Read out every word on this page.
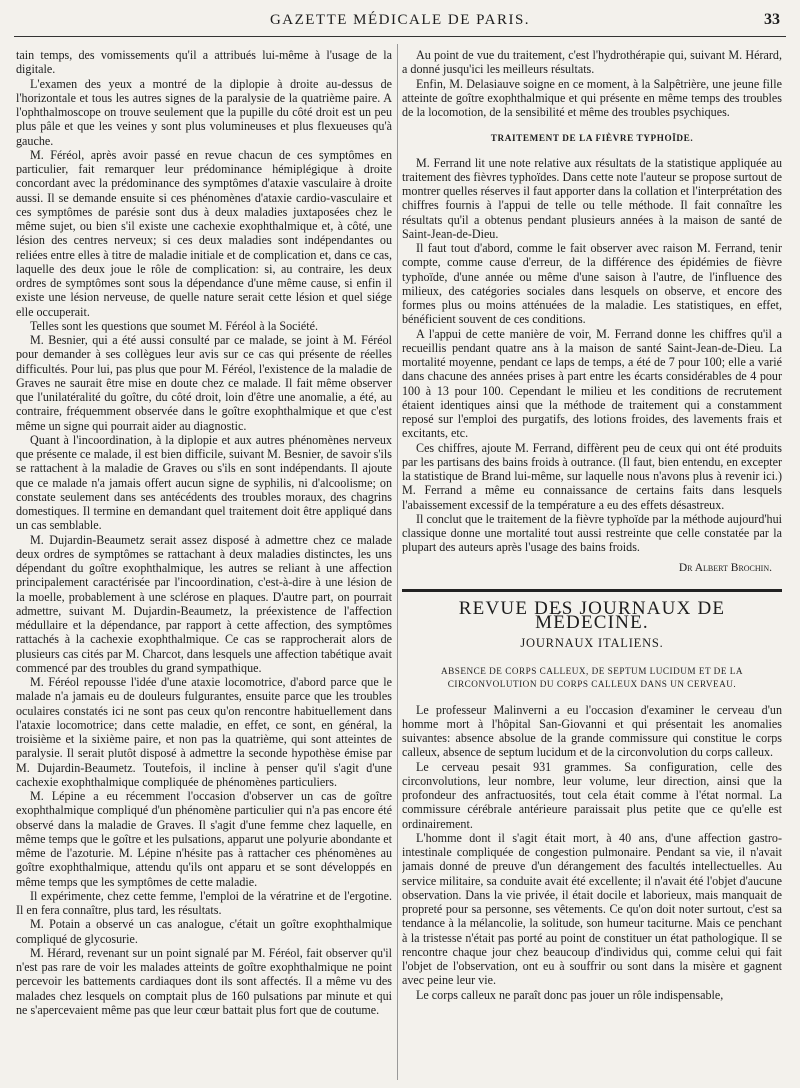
GAZETTE MÉDICALE DE PARIS.	33

tain temps, des vomissements qu'il a attribués lui-même à l'usage de la digitale.

L'examen des yeux a montré de la diplopie à droite au-dessus de l'horizontale et tous les autres signes de la paralysie de la quatrième paire. A l'ophthalmoscope on trouve seulement que la pupille du côté droit est un peu plus pâle et que les veines y sont plus volumineuses et plus flexueuses qu'à gauche.

M. Féréol, après avoir passé en revue chacun de ces symptômes en particulier, fait remarquer leur prédominance hémiplégique à droite concordant avec la prédominance des symptômes d'ataxie vasculaire à droite aussi. Il se demande ensuite si ces phénomènes d'ataxie cardio-vasculaire et ces symptômes de parésie sont dus à deux maladies juxtaposées chez le même sujet, ou bien s'il existe une cachexie exophthalmique et, à côté, une lésion des centres nerveux; si ces deux maladies sont indépendantes ou reliées entre elles à titre de maladie initiale et de complication et, dans ce cas, laquelle des deux joue le rôle de complication: si, au contraire, les deux ordres de symptômes sont sous la dépendance d'une même cause, si enfin il existe une lésion nerveuse, de quelle nature serait cette lésion et quel siége elle occuperait.

Telles sont les questions que soumet M. Féréol à la Société.

M. Besnier, qui a été aussi consulté par ce malade, se joint à M. Féréol pour demander à ses collègues leur avis sur ce cas qui présente de réelles difficultés. Pour lui, pas plus que pour M. Féréol, l'existence de la maladie de Graves ne saurait être mise en doute chez ce malade. Il fait même observer que l'unilatéralité du goître, du côté droit, loin d'être une anomalie, a été, au contraire, fréquemment observée dans le goître exophthalmique et que c'est même un signe qui pourrait aider au diagnostic.

Quant à l'incoordination, à la diplopie et aux autres phénomènes nerveux que présente ce malade, il est bien difficile, suivant M. Besnier, de savoir s'ils se rattachent à la maladie de Graves ou s'ils en sont indépendants. Il ajoute que ce malade n'a jamais offert aucun signe de syphilis, ni d'alcoolisme; on constate seulement dans ses antécédents des troubles moraux, des chagrins domestiques. Il termine en demandant quel traitement doit être appliqué dans un cas semblable.

M. Dujardin-Beaumetz serait assez disposé à admettre chez ce malade deux ordres de symptômes se rattachant à deux maladies distinctes, les uns dépendant du goître exophthalmique, les autres se reliant à une affection principalement caractérisée par l'incoordination, c'est-à-dire à une lésion de la moelle, probablement à une sclérose en plaques. D'autre part, on pourrait admettre, suivant M. Dujardin-Beaumetz, la préexistence de l'affection médullaire et la dépendance, par rapport à cette affection, des symptômes rattachés à la cachexie exophthalmique. Ce cas se rapprocherait alors de plusieurs cas cités par M. Charcot, dans lesquels une affection tabétique avait commencé par des troubles du grand sympathique.

M. Féréol repousse l'idée d'une ataxie locomotrice, d'abord parce que le malade n'a jamais eu de douleurs fulgurantes, ensuite parce que les troubles oculaires constatés ici ne sont pas ceux qu'on rencontre habituellement dans l'ataxie locomotrice; dans cette maladie, en effet, ce sont, en général, la troisième et la sixième paire, et non pas la quatrième, qui sont atteintes de paralysie. Il serait plutôt disposé à admettre la seconde hypothèse émise par M. Dujardin-Beaumetz. Toutefois, il incline à penser qu'il s'agit d'une cachexie exophthalmique compliquée de phénomènes particuliers.

M. Lépine a eu récemment l'occasion d'observer un cas de goître exophthalmique compliqué d'un phénomène particulier qui n'a pas encore été observé dans la maladie de Graves. Il s'agit d'une femme chez laquelle, en même temps que le goître et les pulsations, apparut une polyurie abondante et même de l'azoturie. M. Lépine n'hésite pas à rattacher ces phénomènes au goître exophthalmique, attendu qu'ils ont apparu et se sont développés en même temps que les symptômes de cette maladie.

Il expérimente, chez cette femme, l'emploi de la vératrine et de l'ergotine. Il en fera connaître, plus tard, les résultats.

M. Potain a observé un cas analogue, c'était un goître exophthalmique compliqué de glycosurie.

M. Hérard, revenant sur un point signalé par M. Féréol, fait observer qu'il n'est pas rare de voir les malades atteints de goître exophthalmique ne point percevoir les battements cardiaques dont ils sont affectés. Il a même vu des malades chez lesquels on comptait plus de 160 pulsations par minute et qui ne s'apercevaient même pas que leur cœur battait plus fort que de coutume.

Au point de vue du traitement, c'est l'hydrothérapie qui, suivant M. Hérard, a donné jusqu'ici les meilleurs résultats.

Enfin, M. Delasiauve soigne en ce moment, à la Salpêtrière, une jeune fille atteinte de goître exophthalmique et qui présente en même temps des troubles de la locomotion, de la sensibilité et même des troubles psychiques.

TRAITEMENT DE LA FIÈVRE TYPHOÏDE.

M. Ferrand lit une note relative aux résultats de la statistique appliquée au traitement des fièvres typhoïdes. Dans cette note l'auteur se propose surtout de montrer quelles réserves il faut apporter dans la collation et l'interprétation des chiffres fournis à l'appui de telle ou telle méthode. Il fait connaître les résultats qu'il a obtenus pendant plusieurs années à la maison de santé de Saint-Jean-de-Dieu.

Il faut tout d'abord, comme le fait observer avec raison M. Ferrand, tenir compte, comme cause d'erreur, de la différence des épidémies de fièvre typhoïde, d'une année ou même d'une saison à l'autre, de l'influence des milieux, des catégories sociales dans lesquels on observe, et encore des formes plus ou moins atténuées de la maladie. Les statistiques, en effet, bénéficient souvent de ces conditions.

A l'appui de cette manière de voir, M. Ferrand donne les chiffres qu'il a recueillis pendant quatre ans à la maison de santé Saint-Jean-de-Dieu. La mortalité moyenne, pendant ce laps de temps, a été de 7 pour 100; elle a varié dans chacune des années prises à part entre les écarts considérables de 4 pour 100 à 13 pour 100. Cependant le milieu et les conditions de recrutement étaient identiques ainsi que la méthode de traitement qui a constamment reposé sur l'emploi des purgatifs, des lotions froides, des lavements frais et excitants, etc.

Ces chiffres, ajoute M. Ferrand, diffèrent peu de ceux qui ont été produits par les partisans des bains froids à outrance. (Il faut, bien entendu, en excepter la statistique de Brand lui-même, sur laquelle nous n'avons plus à revenir ici.) M. Ferrand a même eu connaissance de certains faits dans lesquels l'abaissement excessif de la température a eu des effets désastreux.

Il conclut que le traitement de la fièvre typhoïde par la méthode aujourd'hui classique donne une mortalité tout aussi restreinte que celle constatée par la plupart des auteurs après l'usage des bains froids.

Dr Albert Brochin.
REVUE DES JOURNAUX DE MÉDECINE.
JOURNAUX ITALIENS.
ABSENCE DE CORPS CALLEUX, DE SEPTUM LUCIDUM ET DE LA CIRCONVOLUTION DU CORPS CALLEUX DANS UN CERVEAU.

Le professeur Malinverni a eu l'occasion d'examiner le cerveau d'un homme mort à l'hôpital San-Giovanni et qui présentait les anomalies suivantes: absence absolue de la grande commissure qui constitue le corps calleux, absence de septum lucidum et de la circonvolution du corps calleux.

Le cerveau pesait 931 grammes. Sa configuration, celle des circonvolutions, leur nombre, leur volume, leur direction, ainsi que la profondeur des anfractuosités, tout cela était comme à l'état normal. La commissure cérébrale antérieure paraissait plus petite que ce qu'elle est ordinairement.

L'homme dont il s'agit était mort, à 40 ans, d'une affection gastro-intestinale compliquée de congestion pulmonaire. Pendant sa vie, il n'avait jamais donné de preuve d'un dérangement des facultés intellectuelles. Au service militaire, sa conduite avait été excellente; il n'avait été l'objet d'aucune observation. Dans la vie privée, il était docile et laborieux, mais manquait de propreté pour sa personne, ses vêtements. Ce qu'on doit noter surtout, c'est sa tendance à la mélancolie, la solitude, son humeur taciturne. Mais ce penchant à la tristesse n'était pas porté au point de constituer un état pathologique. Il se rencontre chaque jour chez beaucoup d'individus qui, comme celui qui fait l'objet de l'observation, ont eu à souffrir ou sont dans la misère et gagnent avec peine leur vie.

Le corps calleux ne paraît donc pas jouer un rôle indispensable,
